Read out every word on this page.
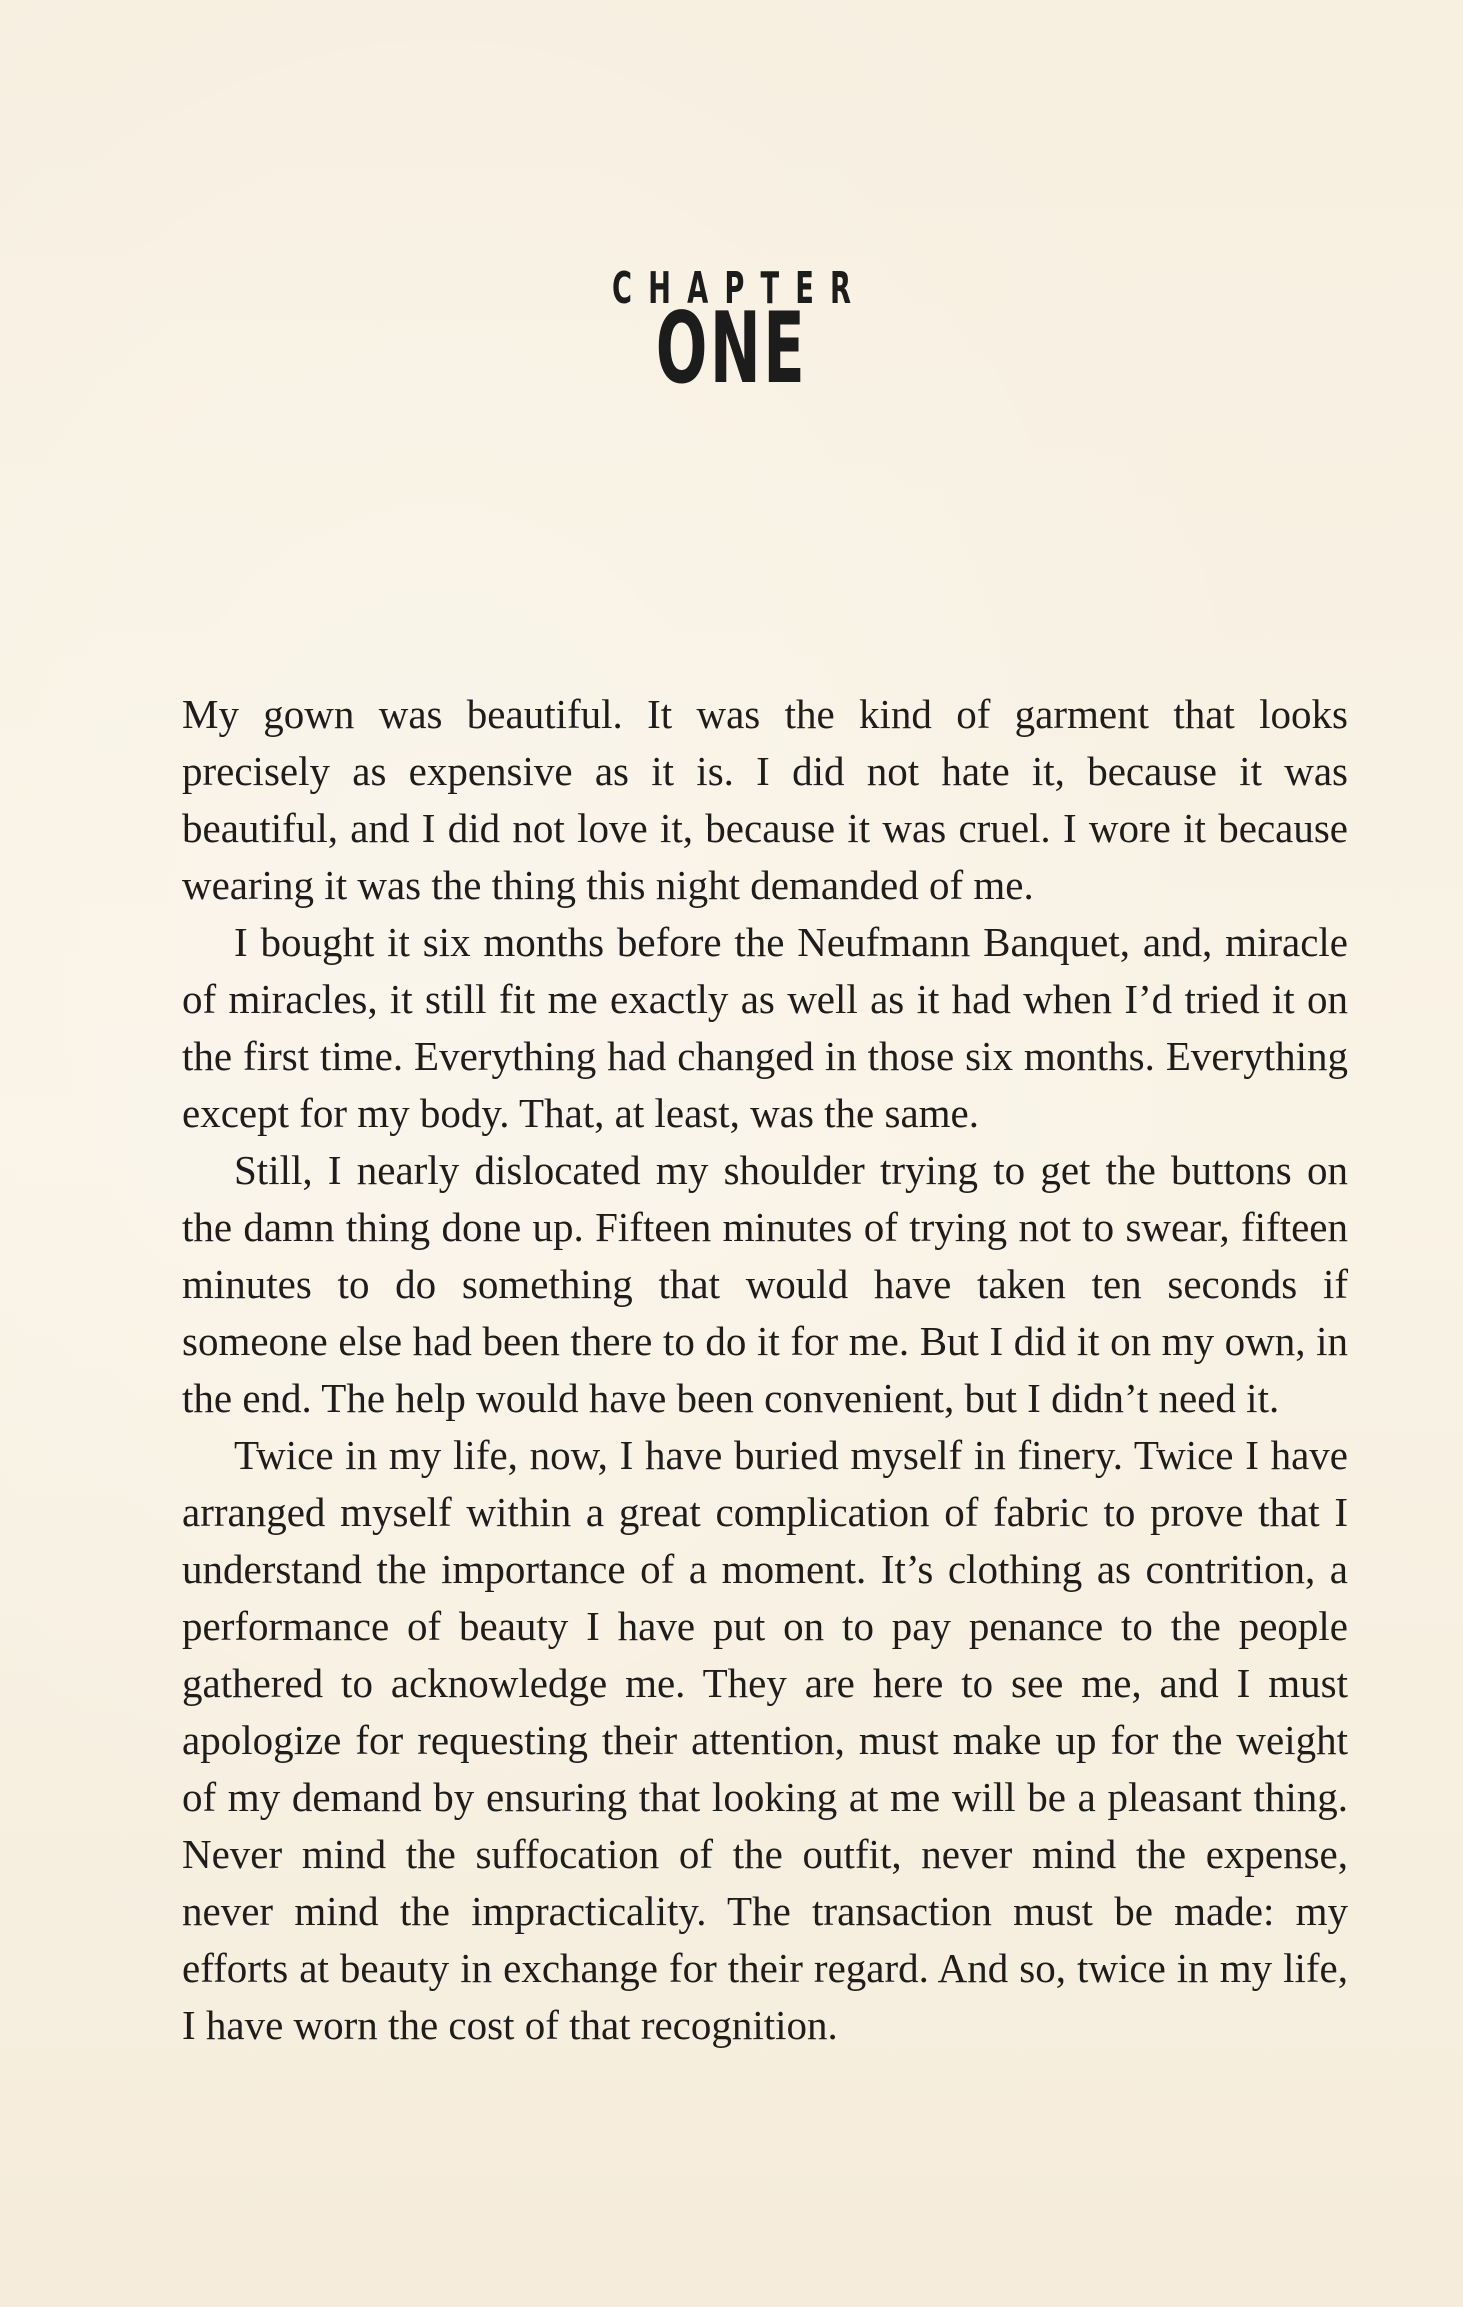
CHAPTER
ONE

My gown was beautiful. It was the kind of garment that looks precisely as expensive as it is. I did not hate it, because it was beautiful, and I did not love it, because it was cruel. I wore it because wearing it was the thing this night demanded of me.

I bought it six months before the Neufmann Banquet, and, miracle of miracles, it still fit me exactly as well as it had when I’d tried it on the first time. Everything had changed in those six months. Everything except for my body. That, at least, was the same.

Still, I nearly dislocated my shoulder trying to get the buttons on the damn thing done up. Fifteen minutes of trying not to swear, fifteen minutes to do something that would have taken ten seconds if someone else had been there to do it for me. But I did it on my own, in the end. The help would have been convenient, but I didn’t need it.

Twice in my life, now, I have buried myself in finery. Twice I have arranged myself within a great complication of fabric to prove that I understand the importance of a moment. It’s clothing as contrition, a performance of beauty I have put on to pay penance to the people gathered to acknowledge me. They are here to see me, and I must apologize for requesting their attention, must make up for the weight of my demand by ensuring that looking at me will be a pleasant thing. Never mind the suffocation of the outfit, never mind the expense, never mind the impracticality. The transaction must be made: my efforts at beauty in exchange for their regard. And so, twice in my life, I have worn the cost of that recognition.
